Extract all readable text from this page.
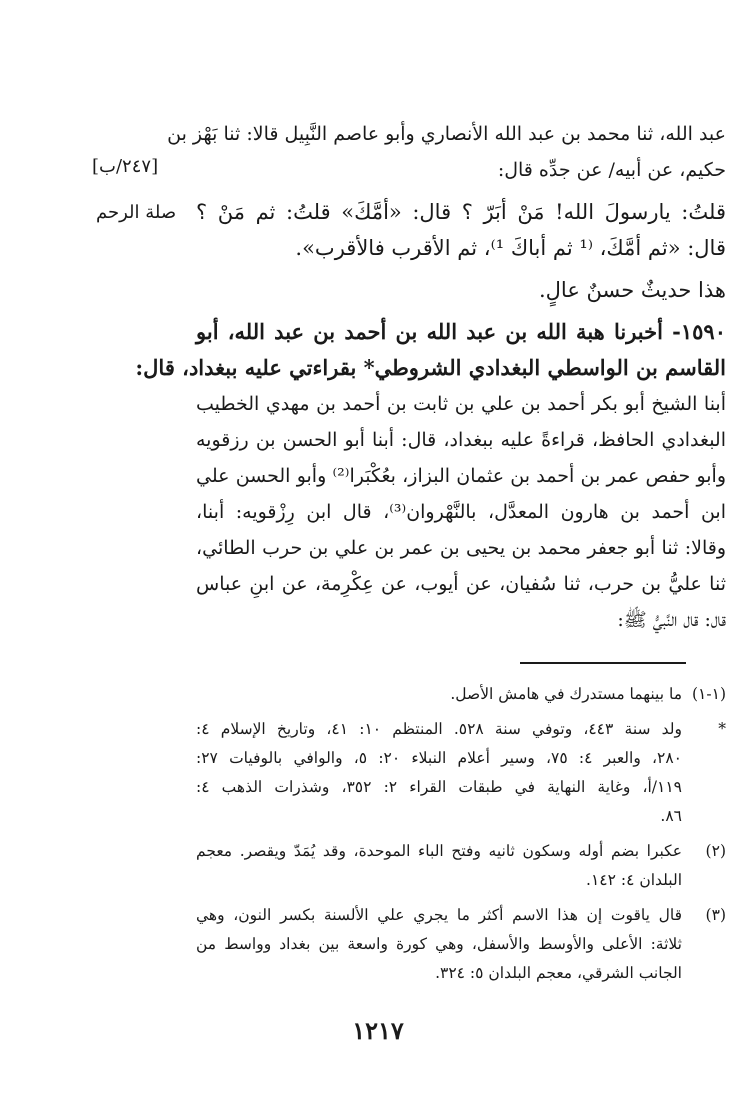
[٢٤٧/ب]
صلة الرحم
عبد الله، ثنا محمد بن عبد الله الأنصاري وأبو عاصم النَّبِيل قالا: ثنا بَهْز بن
حكيم، عن أبيه/ عن جدِّه قال:
قلتُ: يارسولَ الله! مَنْ أبَرّ ؟ قال: «أمَّكَ» قلتُ: ثم مَنْ ؟
قال: «ثم أمَّكَ، ⁽¹ ثم أباكَ ¹⁾، ثم الأقرب فالأقرب».
هذا حديثٌ حسنٌ عالٍ.
١٥٩٠- أخبرنا هبة الله بن عبد الله بن أحمد بن عبد الله، أبو
القاسم بن الواسطي البغدادي الشروطي* بقراءتي عليه ببغداد، قال:
أبنا الشيخ أبو بكر أحمد بن علي بن ثابت بن أحمد بن مهدي الخطيب
البغدادي الحافظ، قراءةً عليه ببغداد، قال: أبنا أبو الحسن بن رزقويه
وأبو حفص عمر بن أحمد بن عثمان البزاز، بعُكْبَرا⁽²⁾ وأبو الحسن علي
ابن أحمد بن هارون المعدَّل، بالنَّهْروان⁽³⁾، قال ابن رِزْقويه: أبنا،
وقالا: ثنا أبو جعفر محمد بن يحيى بن عمر بن علي بن حرب الطائي،
ثنا عليُّ بن حرب، ثنا سُفيان، عن أيوب، عن عِكْرِمة، عن ابنِ عباس
قال: قال النَّبيُّ ﷺ:
(١-١)
ما بينهما مستدرك في هامش الأصل.
*
ولد سنة ٤٤٣، وتوفي سنة ٥٢٨. المنتظم ١٠: ٤١، وتاريخ الإسلام ٤:
٢٨٠، والعبر ٤: ٧٥، وسير أعلام النبلاء ٢٠: ٥، والوافي بالوفيات ٢٧:
١١٩/أ، وغاية النهاية في طبقات القراء ٢: ٣٥٢، وشذرات الذهب ٤:
٨٦.
(٢)
عكبرا بضم أوله وسكون ثانيه وفتح الباء الموحدة، وقد يُمَدّ ويقصر. معجم
البلدان ٤: ١٤٢.
(٣)
قال ياقوت إن هذا الاسم أكثر ما يجري علي الألسنة بكسر النون، وهي
ثلاثة: الأعلى والأوسط والأسفل، وهي كورة واسعة بين بغداد وواسط من
الجانب الشرقي، معجم البلدان ٥: ٣٢٤.
١٢١٧
